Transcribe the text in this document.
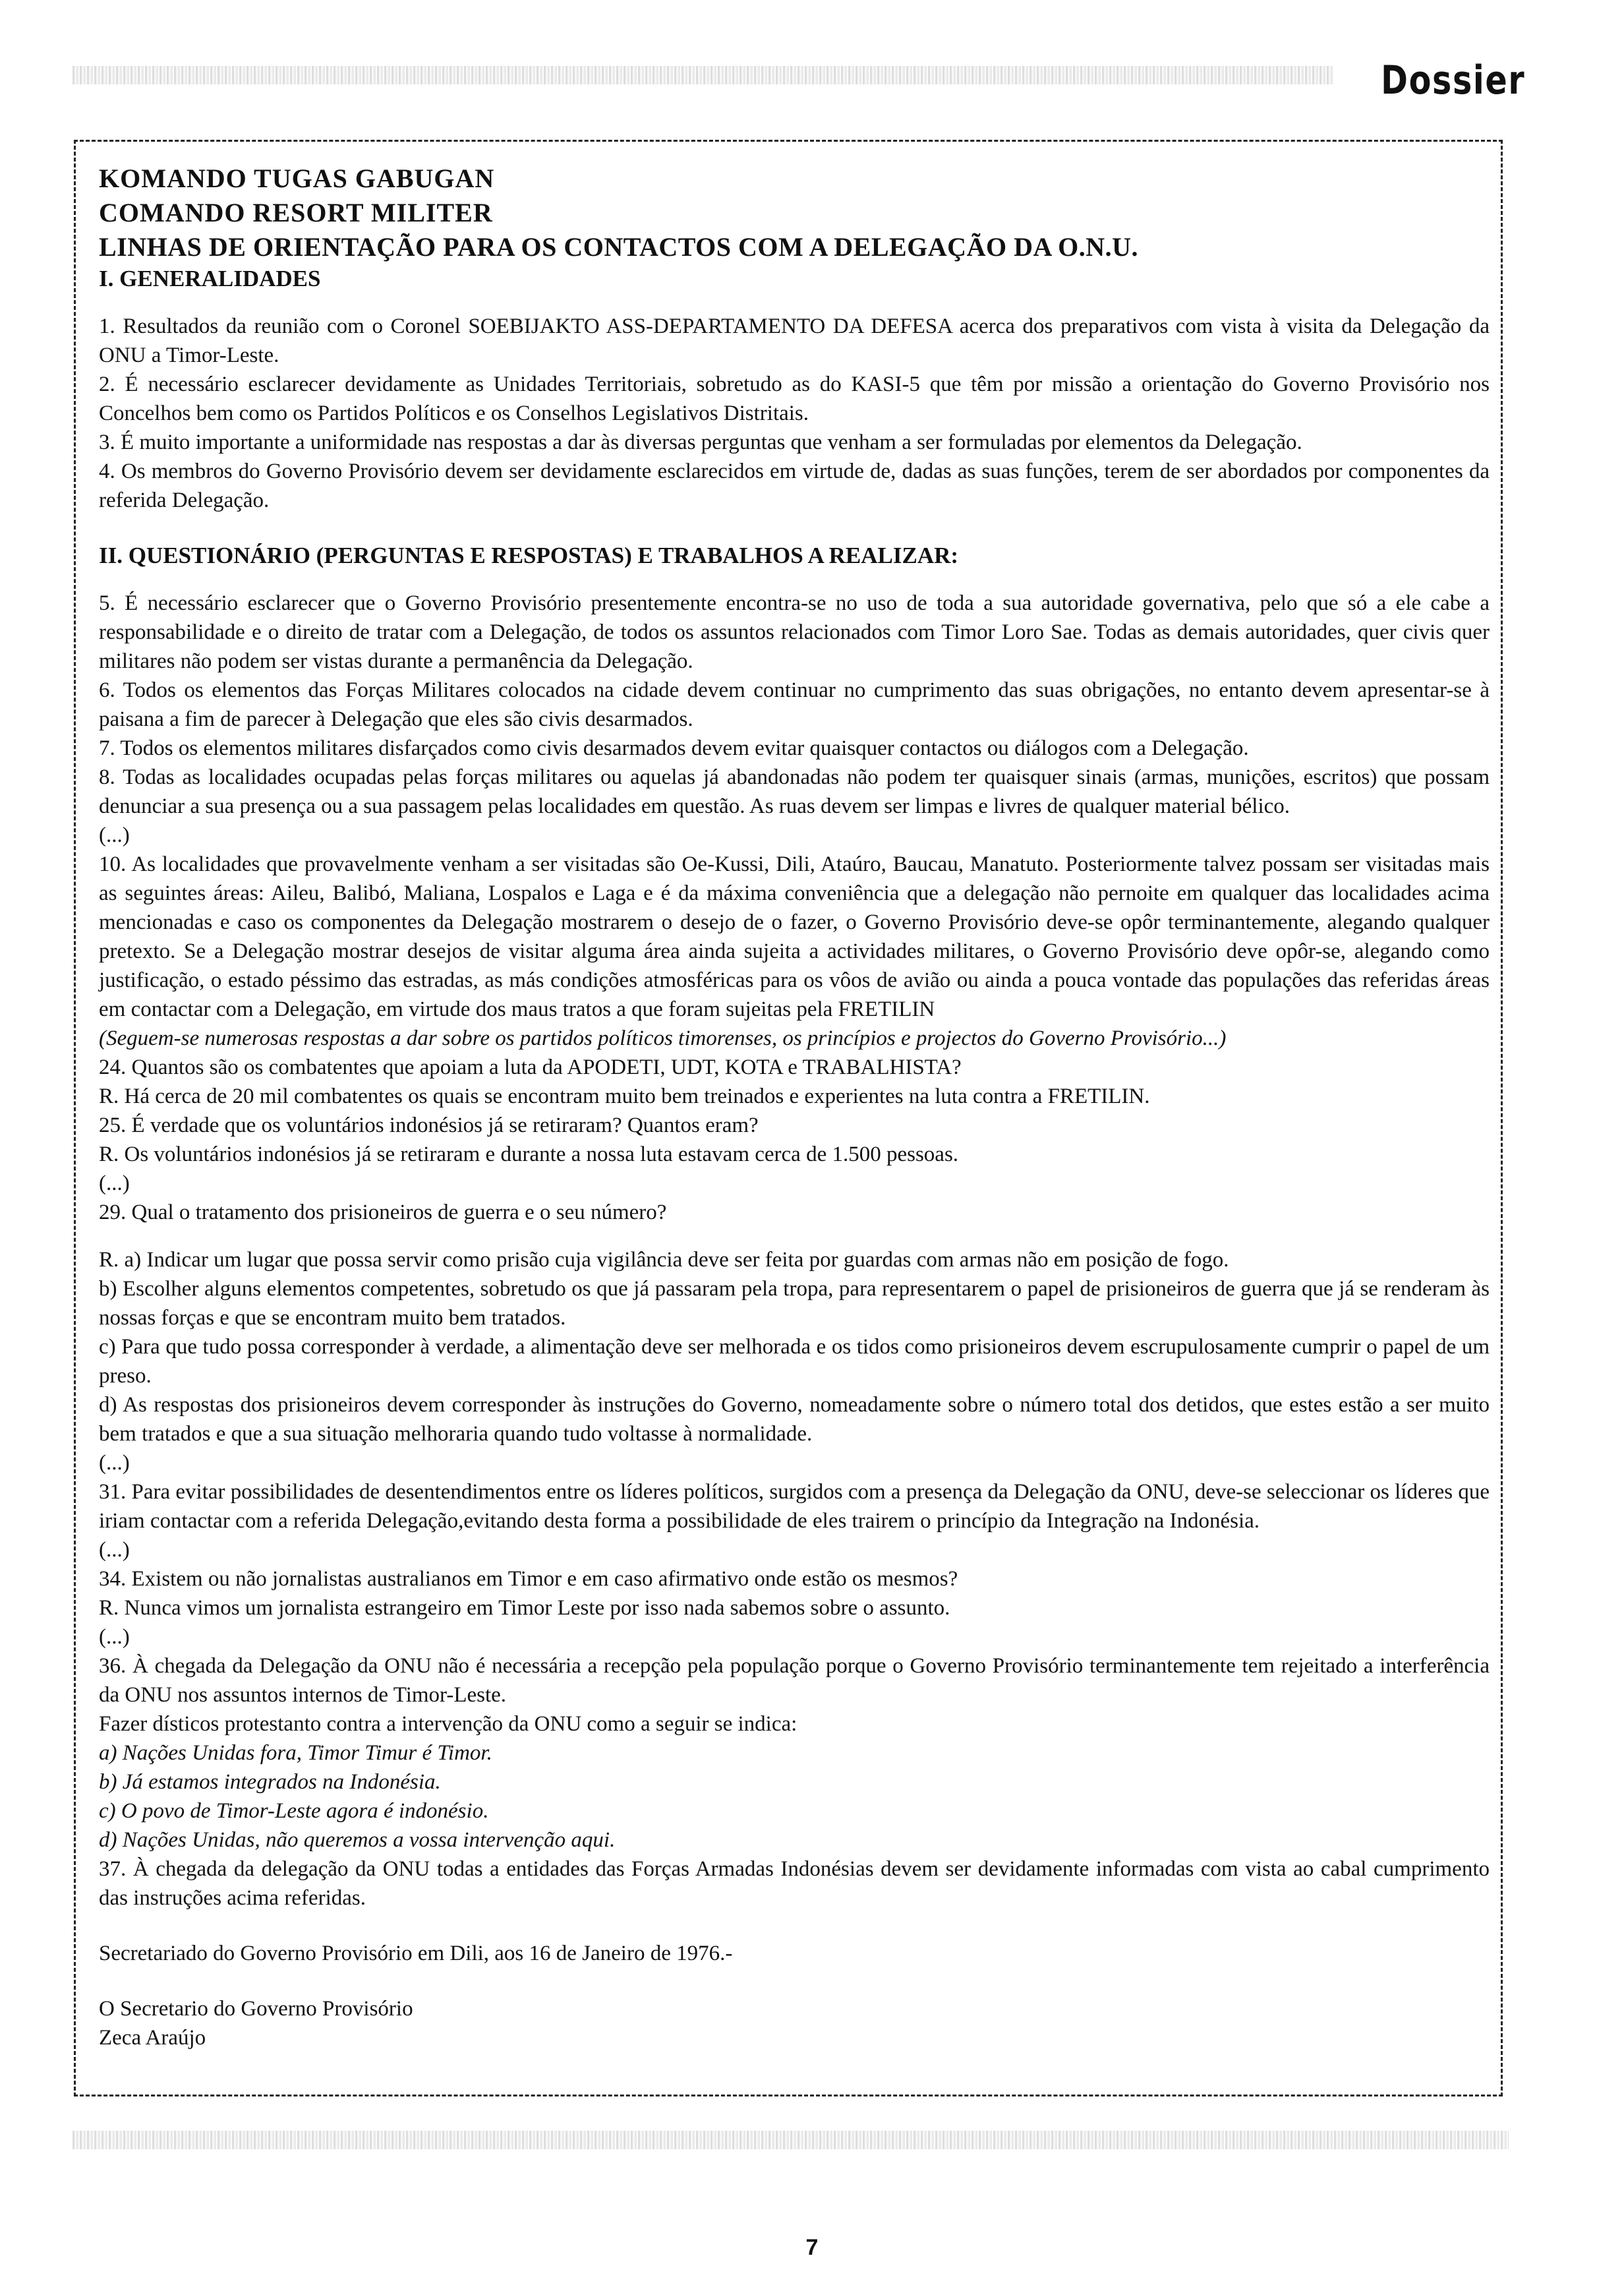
Dossier

KOMANDO TUGAS GABUGAN

COMANDO RESORT MILITER

LINHAS DE ORIENTAÇÃO PARA OS CONTACTOS COM A DELEGAÇÃO DA O.N.U.

I. GENERALIDADES

1. Resultados da reunião com o Coronel SOEBIJAKTO ASS-DEPARTAMENTO DA DEFESA acerca dos preparativos com vista à visita da Delegação da ONU a Timor-Leste.

2. É necessário esclarecer devidamente as Unidades Territoriais, sobretudo as do KASI-5 que têm por missão a orientação do Governo Provisório nos Concelhos bem como os Partidos Políticos e os Conselhos Legislativos Distritais.

3. É muito importante a uniformidade nas respostas a dar às diversas perguntas que venham a ser formuladas por elementos da Delegação.

4. Os membros do Governo Provisório devem ser devidamente esclarecidos em virtude de, dadas as suas funções, terem de ser abordados por componentes da referida Delegação.

II. QUESTIONÁRIO (PERGUNTAS E RESPOSTAS) E TRABALHOS A REALIZAR:

5. É necessário esclarecer que o Governo Provisório presentemente encontra-se no uso de toda a sua autoridade governativa, pelo que só a ele cabe a responsabilidade e o direito de tratar com a Delegação, de todos os assuntos relacionados com Timor Loro Sae. Todas as demais autoridades, quer civis quer militares não podem ser vistas durante a permanência da Delegação.

6. Todos os elementos das Forças Militares colocados na cidade devem continuar no cumprimento das suas obrigações, no entanto devem apresentar-se à paisana a fim de parecer à Delegação que eles são civis desarmados.

7. Todos os elementos militares disfarçados como civis desarmados devem evitar quaisquer contactos ou diálogos com a Delegação.

8. Todas as localidades ocupadas pelas forças militares ou aquelas já abandonadas não podem ter quaisquer sinais (armas, munições, escritos) que possam denunciar a sua presença ou a sua passagem pelas localidades em questão. As ruas devem ser limpas e livres de qualquer material bélico.

(...)

10. As localidades que provavelmente venham a ser visitadas são Oe-Kussi, Dili, Ataúro, Baucau, Manatuto. Posteriormente talvez possam ser visitadas mais as seguintes áreas: Aileu, Balibó, Maliana, Lospalos e Laga e é da máxima conveniência que a delegação não pernoite em qualquer das localidades acima mencionadas e caso os componentes da Delegação mostrarem o desejo de o fazer, o Governo Provisório deve-se opôr terminantemente, alegando qualquer pretexto. Se a Delegação mostrar desejos de visitar alguma área ainda sujeita a actividades militares, o Governo Provisório deve opôr-se, alegando como justificação, o estado péssimo das estradas, as más condições atmosféricas para os vôos de avião ou ainda a pouca vontade das populações das referidas áreas em contactar com a Delegação, em virtude dos maus tratos a que foram sujeitas pela FRETILIN

(Seguem-se numerosas respostas a dar sobre os partidos políticos timorenses, os princípios e projectos do Governo Provisório...)

24. Quantos são os combatentes que apoiam a luta da APODETI, UDT, KOTA e TRABALHISTA?

R. Há cerca de 20 mil combatentes os quais se encontram muito bem treinados e experientes na luta contra a FRETILIN.

25. É verdade que os voluntários indonésios já se retiraram? Quantos eram?

R. Os voluntários indonésios já se retiraram e durante a nossa luta estavam cerca de 1.500 pessoas.

(...)

29. Qual o tratamento dos prisioneiros de guerra e o seu número?

R. a) Indicar um lugar que possa servir como prisão cuja vigilância deve ser feita por guardas com armas não em posição de fogo.

b) Escolher alguns elementos competentes, sobretudo os que já passaram pela tropa, para representarem o papel de prisioneiros de guerra que já se renderam às nossas forças e que se encontram muito bem tratados.

c) Para que tudo possa corresponder à verdade, a alimentação deve ser melhorada e os tidos como prisioneiros devem escrupulosamente cumprir o papel de um preso.

d) As respostas dos prisioneiros devem corresponder às instruções do Governo, nomeadamente sobre o número total dos detidos, que estes estão a ser muito bem tratados e que a sua situação melhoraria quando tudo voltasse à normalidade.

(...)

31. Para evitar possibilidades de desentendimentos entre os líderes políticos, surgidos com a presença da Delegação da ONU, deve-se seleccionar os líderes que iriam contactar com a referida Delegação,evitando desta forma a possibilidade de eles trairem o princípio da Integração na Indonésia.

(...)

34. Existem ou não jornalistas australianos em Timor e em caso afirmativo onde estão os mesmos?

R. Nunca vimos um jornalista estrangeiro em Timor Leste por isso nada sabemos sobre o assunto.

(...)

36. À chegada da Delegação da ONU não é necessária a recepção pela população porque o Governo Provisório terminantemente tem rejeitado a interferência da ONU nos assuntos internos de Timor-Leste.

Fazer dísticos protestanto contra a intervenção da ONU como a seguir se indica:

a) Nações Unidas fora, Timor Timur é Timor.

b) Já estamos integrados na Indonésia.

c) O povo de Timor-Leste agora é indonésio.

d) Nações Unidas, não queremos a vossa intervenção aqui.

37. À chegada da delegação da ONU todas a entidades das Forças Armadas Indonésias devem ser devidamente informadas com vista ao cabal cumprimento das instruções acima referidas.

Secretariado do Governo Provisório em Dili, aos 16 de Janeiro de 1976.-

O Secretario do Governo Provisório

Zeca Araújo

7
